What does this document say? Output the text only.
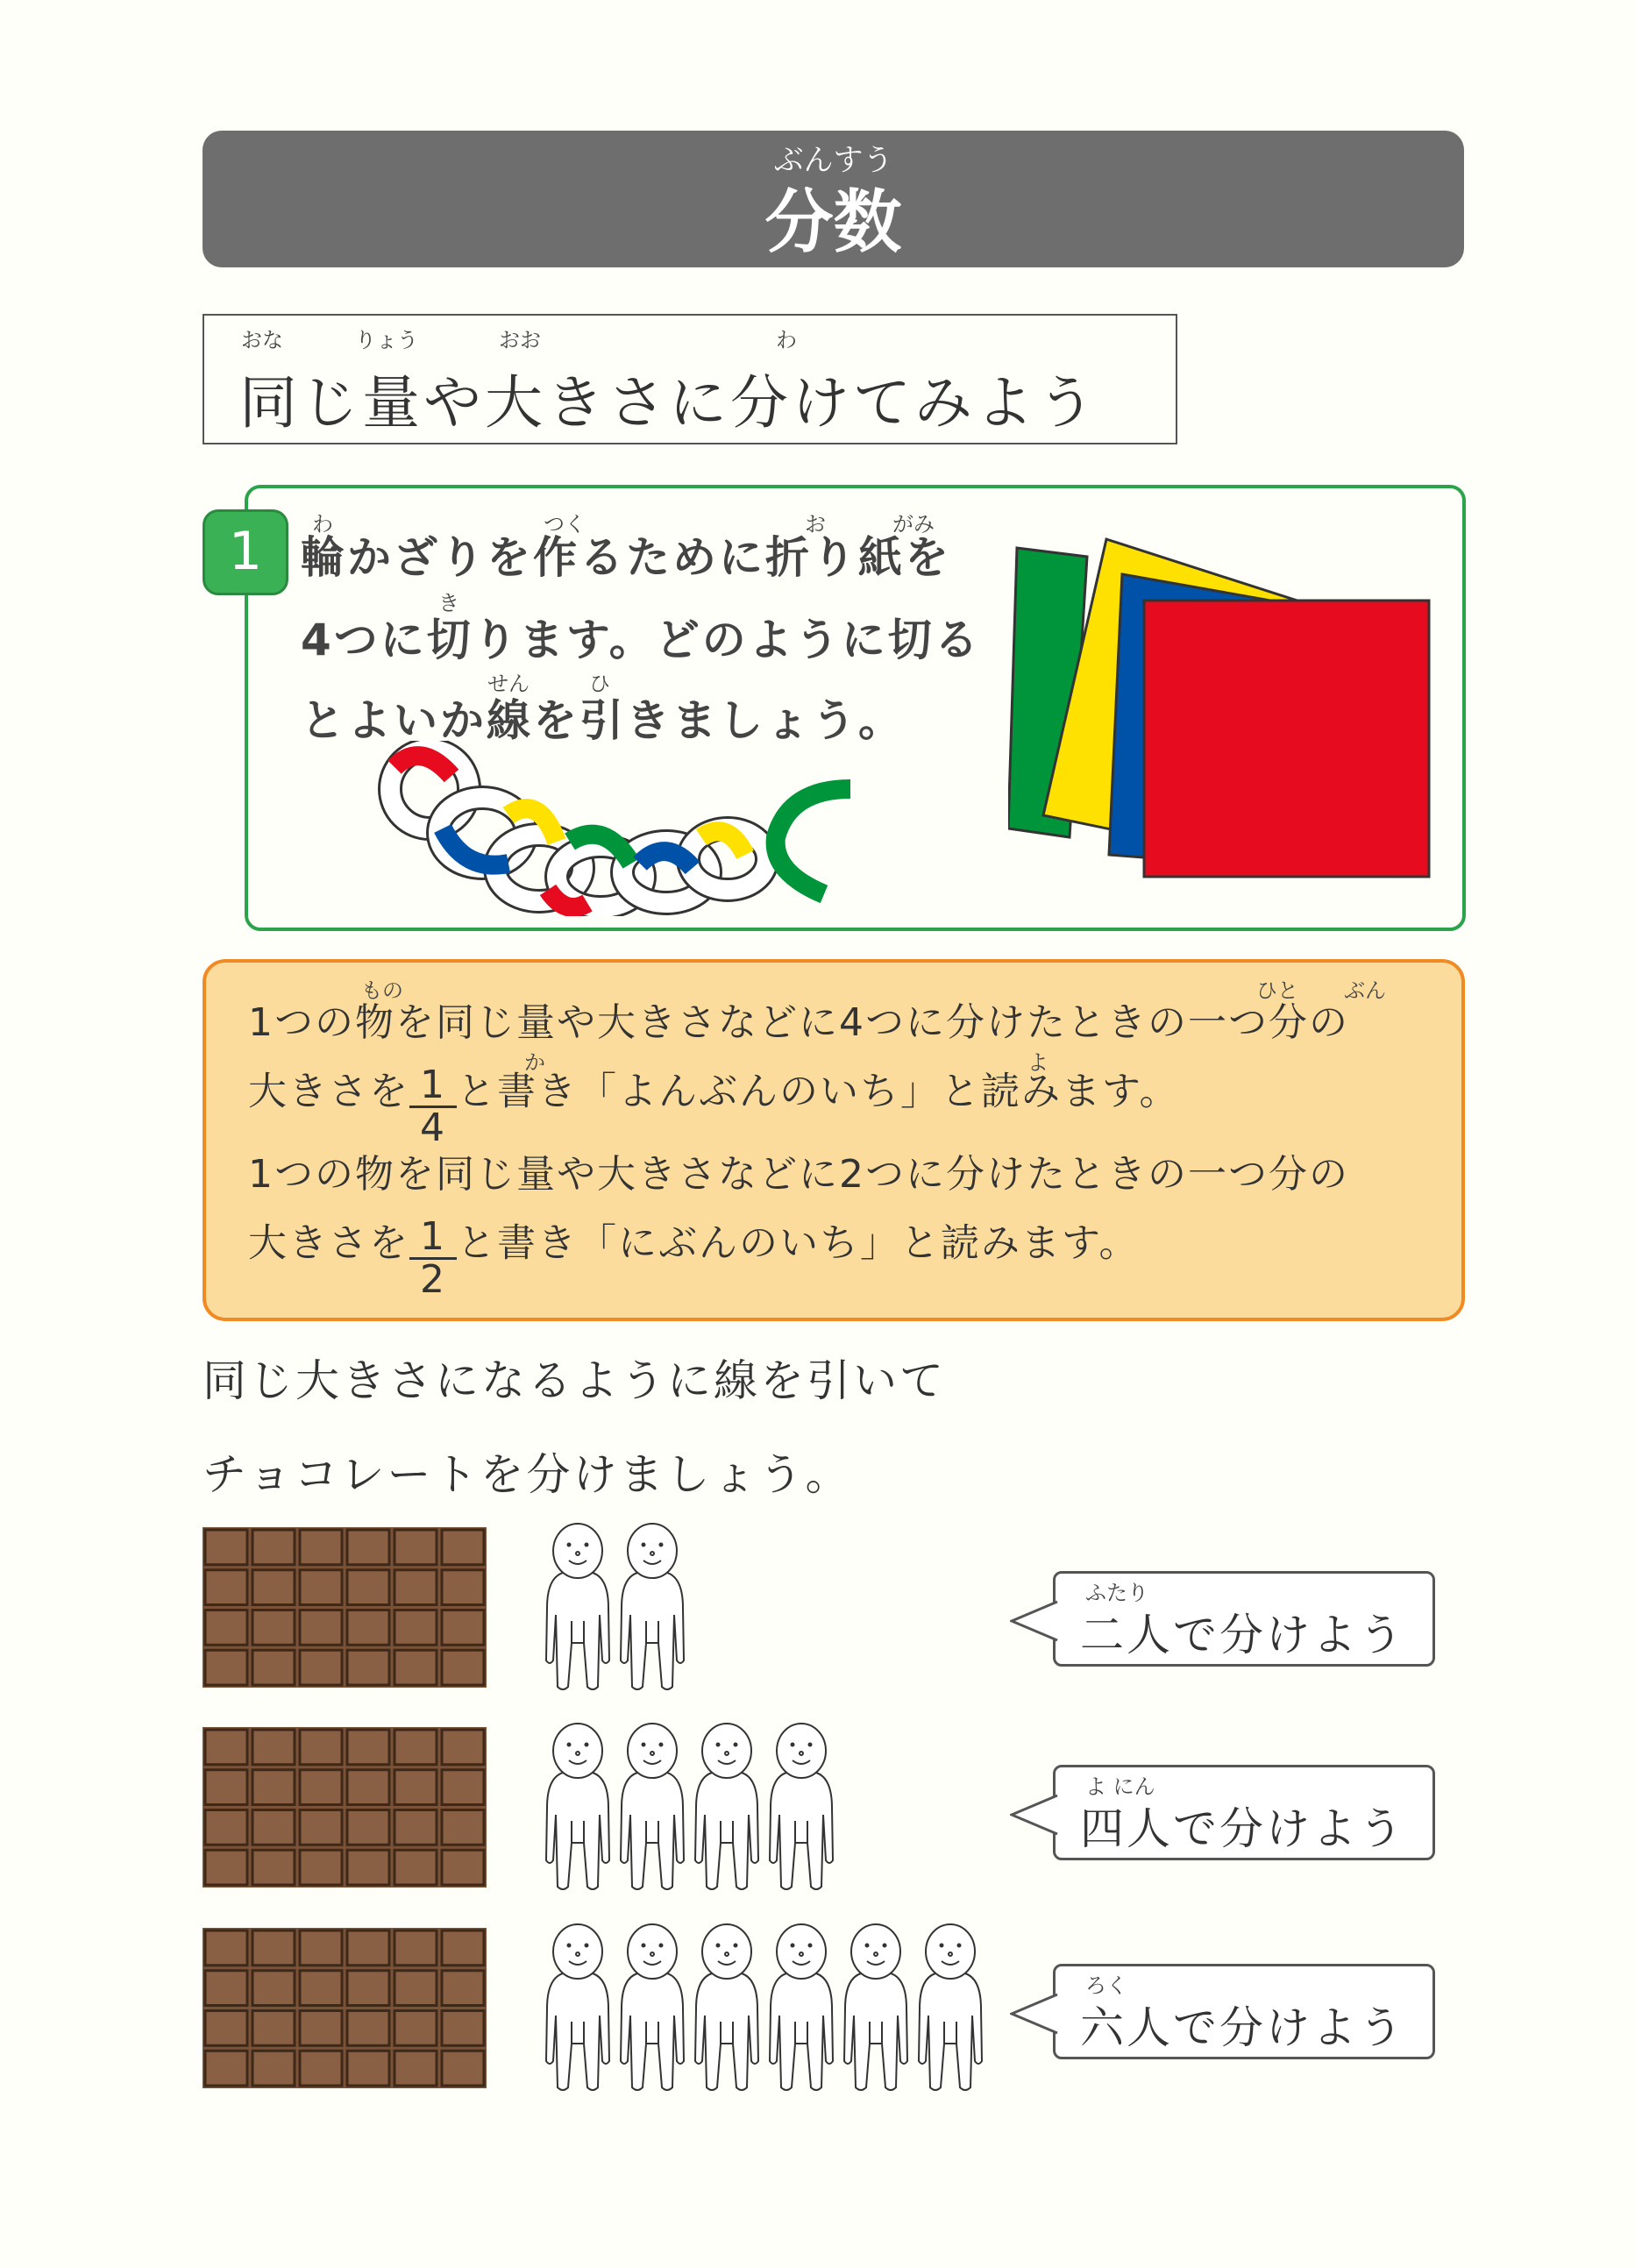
ぶんすう
分数
おな	りょう	おお	わ
同じ量や大きさに分けてみよう
1	わ	つく	お	がみ
輪かざりを作るために折り紙を
き
4つに切ります。どのように切る
せん	ひ
とよいか線を引きましょう。
もの	ひと ぶん
1つの物を同じ量や大きさなどに4つに分けたときの一つ分の
か	よ
大きさを $\frac{1}{4}$ と書き「よんぶんのいち」と読みます。
1つの物を同じ量や大きさなどに2つに分けたときの一つ分の
大きさを $\frac{1}{2}$ と書き「にぶんのいち」と読みます。
同じ大きさになるように線を引いて
チョコレートを分けましょう。
ふたり
二人で分けよう
よ にん
四人で分けよう
ろく
六人で分けよう
